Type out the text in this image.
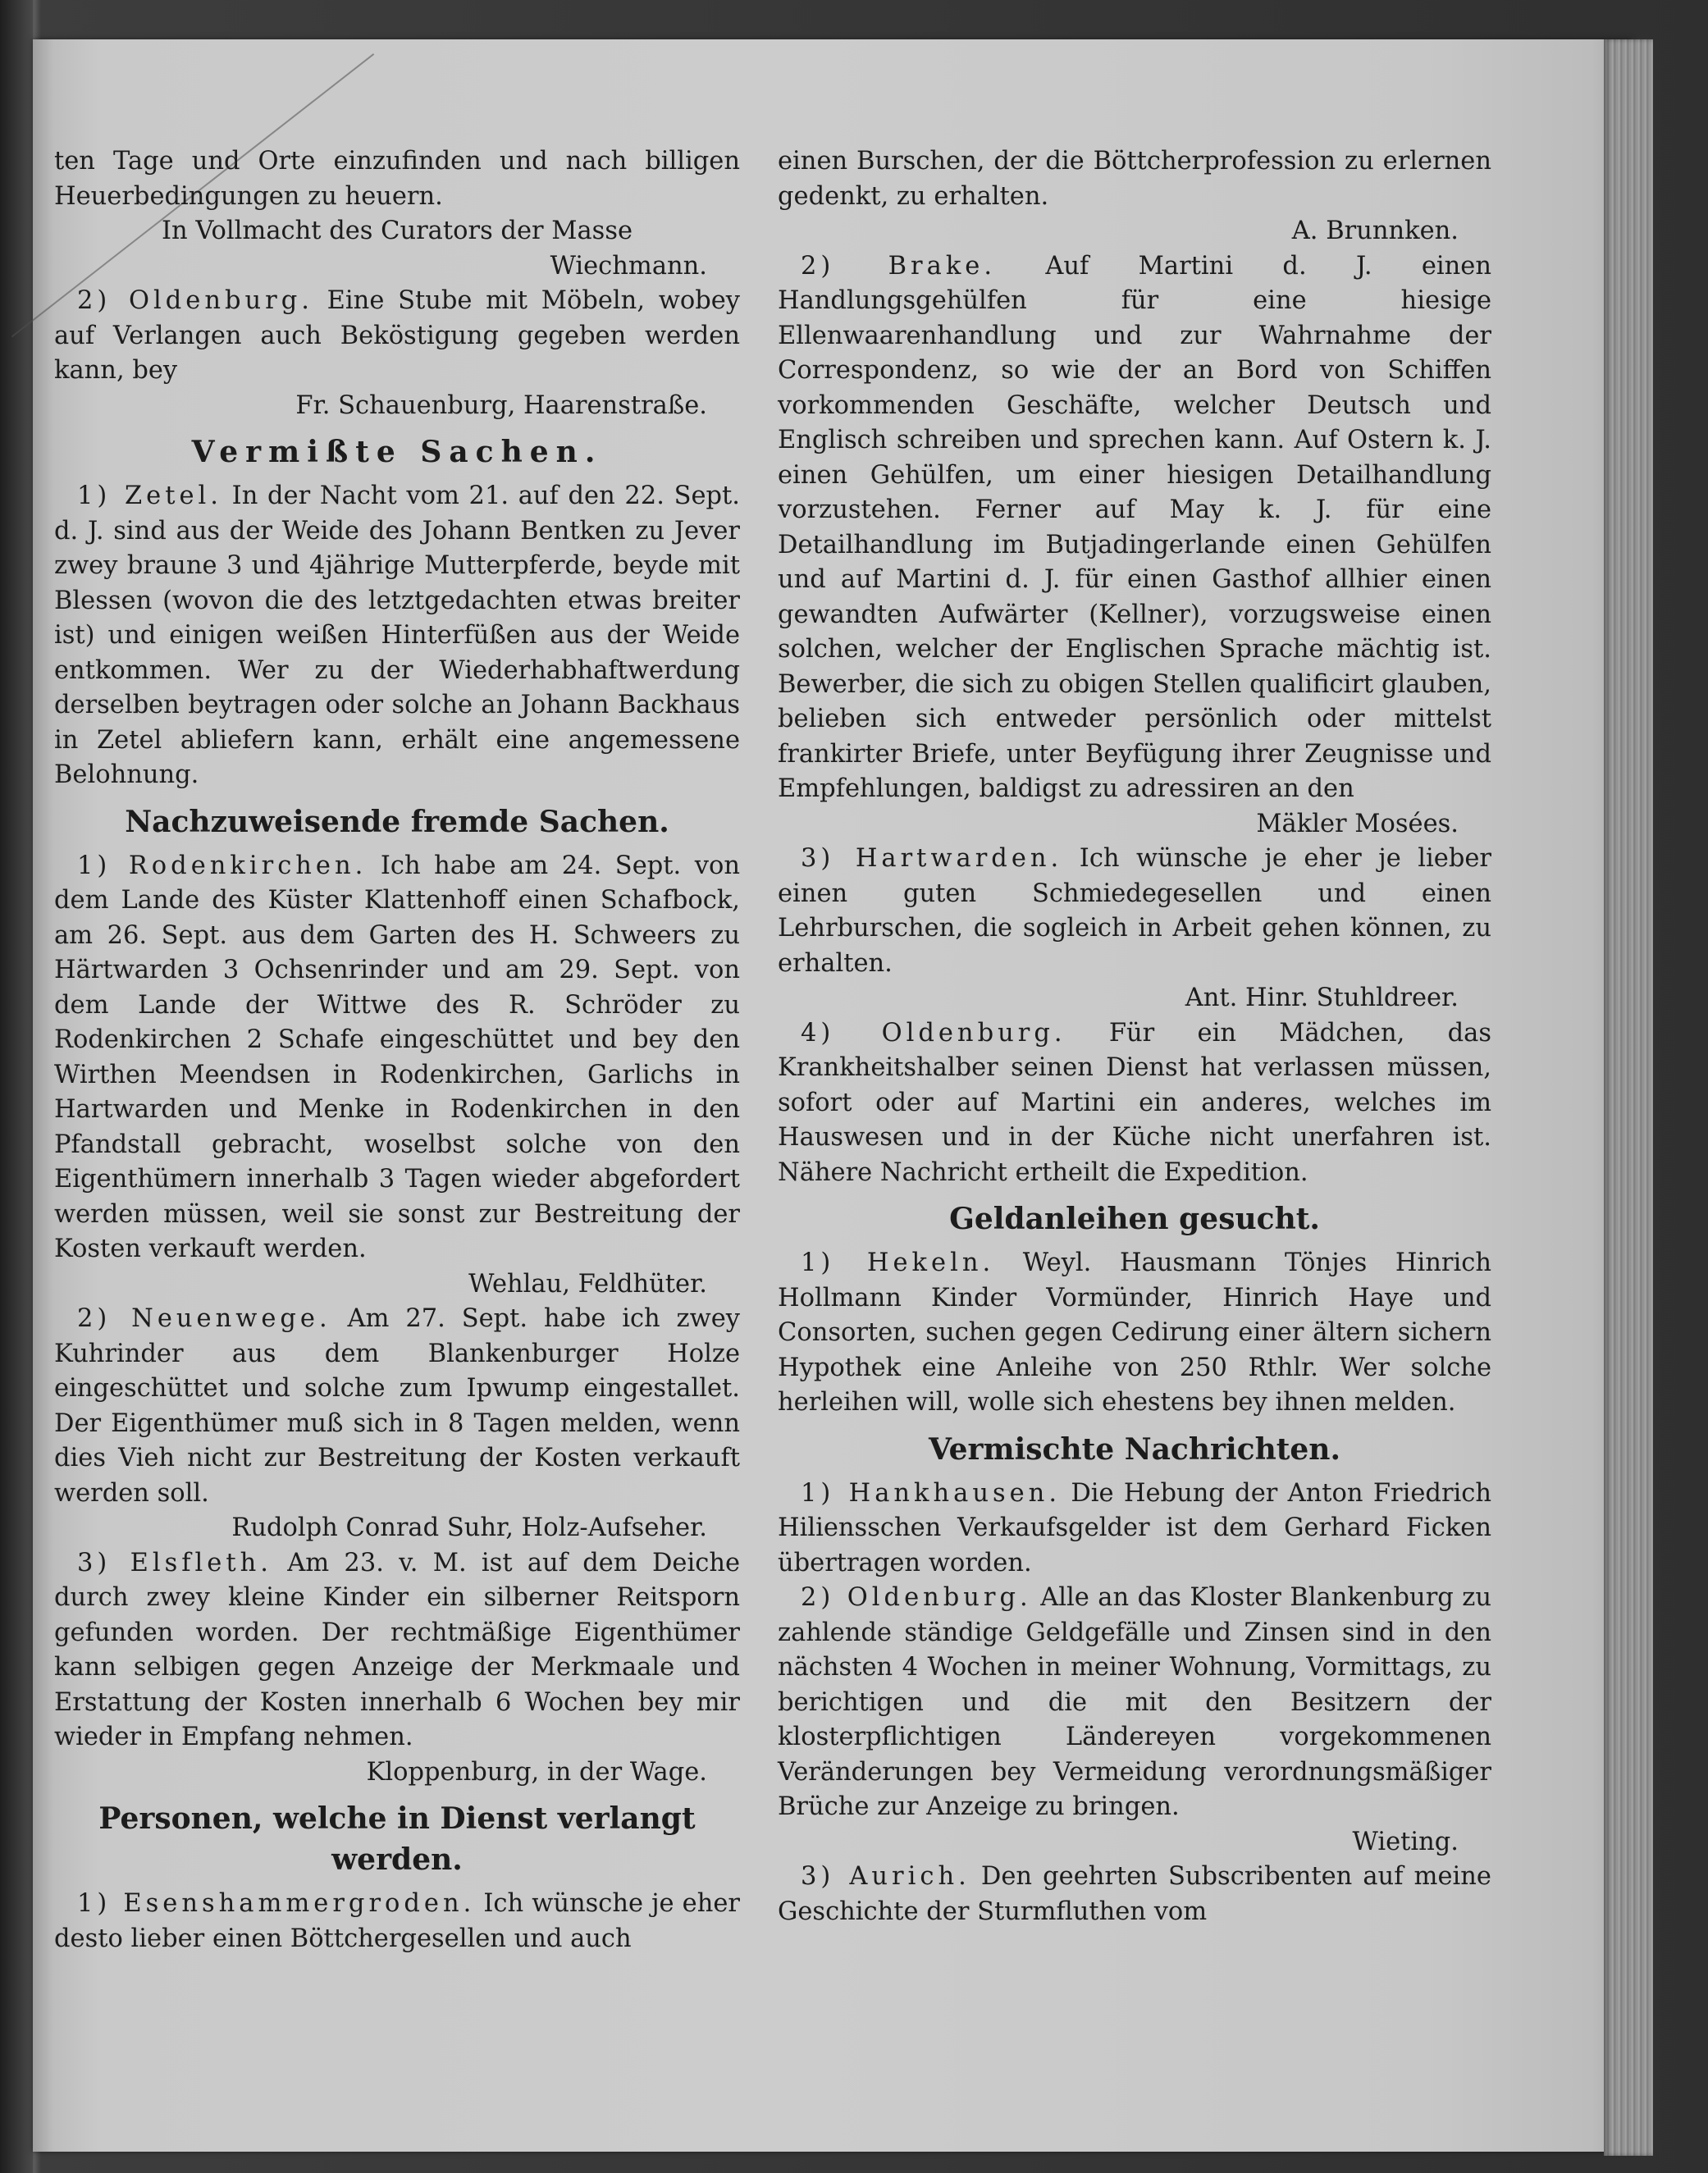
ten Tage und Orte einzufinden und nach billigen Heuerbedingungen zu heuern.

In Vollmacht des Curators der Masse

Wiechmann.

2) Oldenburg. Eine Stube mit Möbeln, wobey auf Verlangen auch Beköstigung gegeben werden kann, bey

Fr. Schauenburg, Haarenstraße.

Vermißte Sachen.

1) Zetel. In der Nacht vom 21. auf den 22. Sept. d. J. sind aus der Weide des Johann Bentken zu Jever zwey braune 3 und 4jährige Mutterpferde, beyde mit Blessen (wovon die des letztgedachten etwas breiter ist) und einigen weißen Hinterfüßen aus der Weide entkommen. Wer zu der Wiederhabhaftwerdung derselben beytragen oder solche an Johann Backhaus in Zetel abliefern kann, erhält eine angemessene Belohnung.

Nachzuweisende fremde Sachen.

1) Rodenkirchen. Ich habe am 24. Sept. von dem Lande des Küster Klattenhoff einen Schafbock, am 26. Sept. aus dem Garten des H. Schweers zu Härtwarden 3 Ochsenrinder und am 29. Sept. von dem Lande der Wittwe des R. Schröder zu Rodenkirchen 2 Schafe eingeschüttet und bey den Wirthen Meendsen in Rodenkirchen, Garlichs in Hartwarden und Menke in Rodenkirchen in den Pfandstall gebracht, woselbst solche von den Eigenthümern innerhalb 3 Tagen wieder abgefordert werden müssen, weil sie sonst zur Bestreitung der Kosten verkauft werden.

Wehlau, Feldhüter.

2) Neuenwege. Am 27. Sept. habe ich zwey Kuhrinder aus dem Blankenburger Holze eingeschüttet und solche zum Ipwump eingestallet. Der Eigenthümer muß sich in 8 Tagen melden, wenn dies Vieh nicht zur Bestreitung der Kosten verkauft werden soll.

Rudolph Conrad Suhr, Holz-Aufseher.

3) Elsfleth. Am 23. v. M. ist auf dem Deiche durch zwey kleine Kinder ein silberner Reitsporn gefunden worden. Der rechtmäßige Eigenthümer kann selbigen gegen Anzeige der Merkmaale und Erstattung der Kosten innerhalb 6 Wochen bey mir wieder in Empfang nehmen.

Kloppenburg, in der Wage.

Personen, welche in Dienst verlangt werden.

1) Esenshammergroden. Ich wünsche je eher desto lieber einen Böttchergesellen und auch

einen Burschen, der die Böttcherprofession zu erlernen gedenkt, zu erhalten.

A. Brunnken.

2) Brake. Auf Martini d. J. einen Handlungsgehülfen für eine hiesige Ellenwaarenhandlung und zur Wahrnahme der Correspondenz, so wie der an Bord von Schiffen vorkommenden Geschäfte, welcher Deutsch und Englisch schreiben und sprechen kann. Auf Ostern k. J. einen Gehülfen, um einer hiesigen Detailhandlung vorzustehen. Ferner auf May k. J. für eine Detailhandlung im Butjadingerlande einen Gehülfen und auf Martini d. J. für einen Gasthof allhier einen gewandten Aufwärter (Kellner), vorzugsweise einen solchen, welcher der Englischen Sprache mächtig ist. Bewerber, die sich zu obigen Stellen qualificirt glauben, belieben sich entweder persönlich oder mittelst frankirter Briefe, unter Beyfügung ihrer Zeugnisse und Empfehlungen, baldigst zu adressiren an den

Mäkler Mosées.

3) Hartwarden. Ich wünsche je eher je lieber einen guten Schmiedegesellen und einen Lehrburschen, die sogleich in Arbeit gehen können, zu erhalten.

Ant. Hinr. Stuhldreer.

4) Oldenburg. Für ein Mädchen, das Krankheitshalber seinen Dienst hat verlassen müssen, sofort oder auf Martini ein anderes, welches im Hauswesen und in der Küche nicht unerfahren ist. Nähere Nachricht ertheilt die Expedition.

Geldanleihen gesucht.

1) Hekeln. Weyl. Hausmann Tönjes Hinrich Hollmann Kinder Vormünder, Hinrich Haye und Consorten, suchen gegen Cedirung einer ältern sichern Hypothek eine Anleihe von 250 Rthlr. Wer solche herleihen will, wolle sich ehestens bey ihnen melden.

Vermischte Nachrichten.

1) Hankhausen. Die Hebung der Anton Friedrich Hiliensschen Verkaufsgelder ist dem Gerhard Ficken übertragen worden.

2) Oldenburg. Alle an das Kloster Blankenburg zu zahlende ständige Geldgefälle und Zinsen sind in den nächsten 4 Wochen in meiner Wohnung, Vormittags, zu berichtigen und die mit den Besitzern der klosterpflichtigen Ländereyen vorgekommenen Veränderungen bey Vermeidung verordnungsmäßiger Brüche zur Anzeige zu bringen.

Wieting.

3) Aurich. Den geehrten Subscribenten auf meine Geschichte der Sturmfluthen vom
